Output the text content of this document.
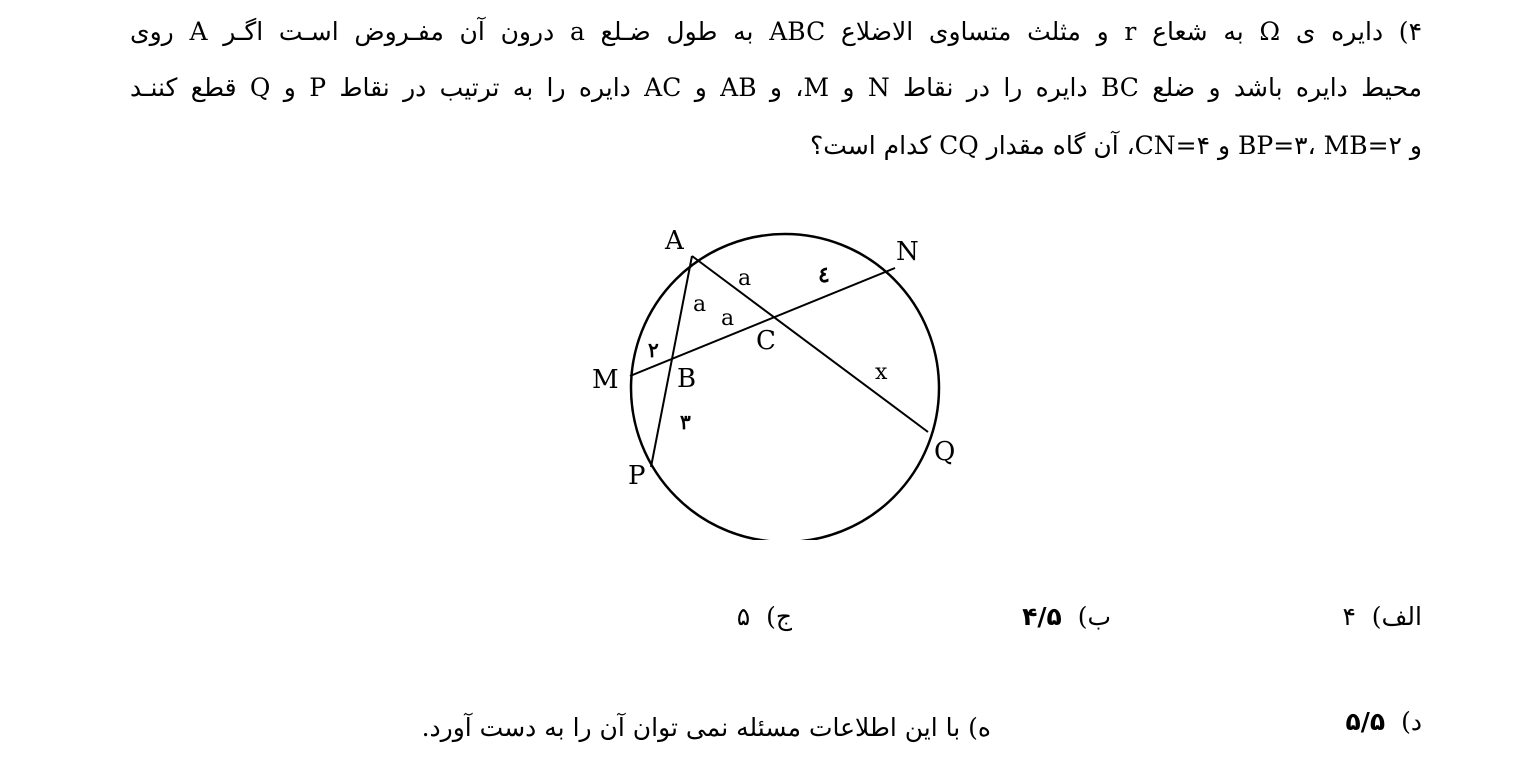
۴) دایره ی Ω به شعاع r و مثلث متساوی الاضلاع ABC به طول ضـلع a درون آن مفـروض اسـت اگـر A روی
محیط دایره باشد و ضلع BC دایره را در نقاط N و M، و AB و AC دایره را به ترتیب در نقاط P و Q قطع کننـد
و BP=۳، MB=۲ و CN=۴، آن گاه مقدار CQ کدام است؟
A	N
M B
C
P
Q
a
a
a
٤
۲
۳
x
الف)  ۴
ب)  ۴/۵
ج)  ۵
د)  ۵/۵
ه) با این اطلاعات مسئله نمی توان آن را به دست آورد.
